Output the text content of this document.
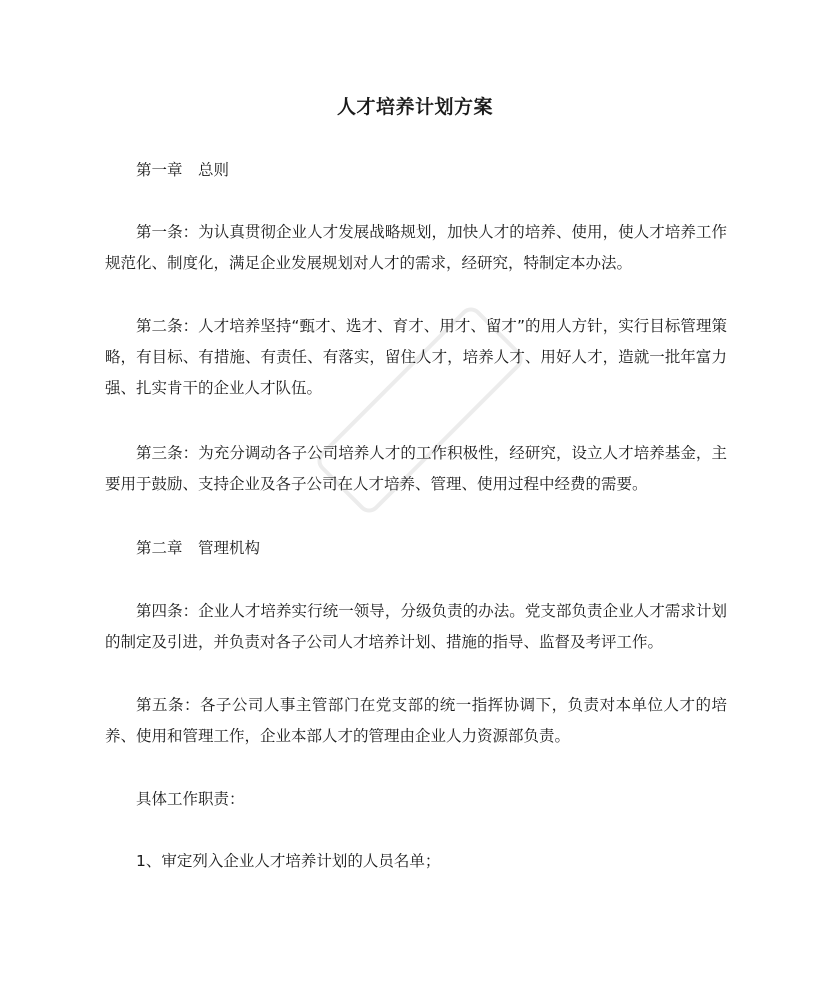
人才培养计划方案
第一章　总则
第一条：为认真贯彻企业人才发展战略规划，加快人才的培养、使用，使人才培养工作规范化、制度化，满足企业发展规划对人才的需求，经研究，特制定本办法。
第二条：人才培养坚持“甄才、选才、育才、用才、留才”的用人方针，实行目标管理策略，有目标、有措施、有责任、有落实，留住人才，培养人才、用好人才，造就一批年富力强、扎实肯干的企业人才队伍。
第三条：为充分调动各子公司培养人才的工作积极性，经研究，设立人才培养基金，主要用于鼓励、支持企业及各子公司在人才培养、管理、使用过程中经费的需要。
第二章　管理机构
第四条：企业人才培养实行统一领导，分级负责的办法。党支部负责企业人才需求计划的制定及引进，并负责对各子公司人才培养计划、措施的指导、监督及考评工作。
第五条：各子公司人事主管部门在党支部的统一指挥协调下，负责对本单位人才的培养、使用和管理工作，企业本部人才的管理由企业人力资源部负责。
具体工作职责：
1、审定列入企业人才培养计划的人员名单；
